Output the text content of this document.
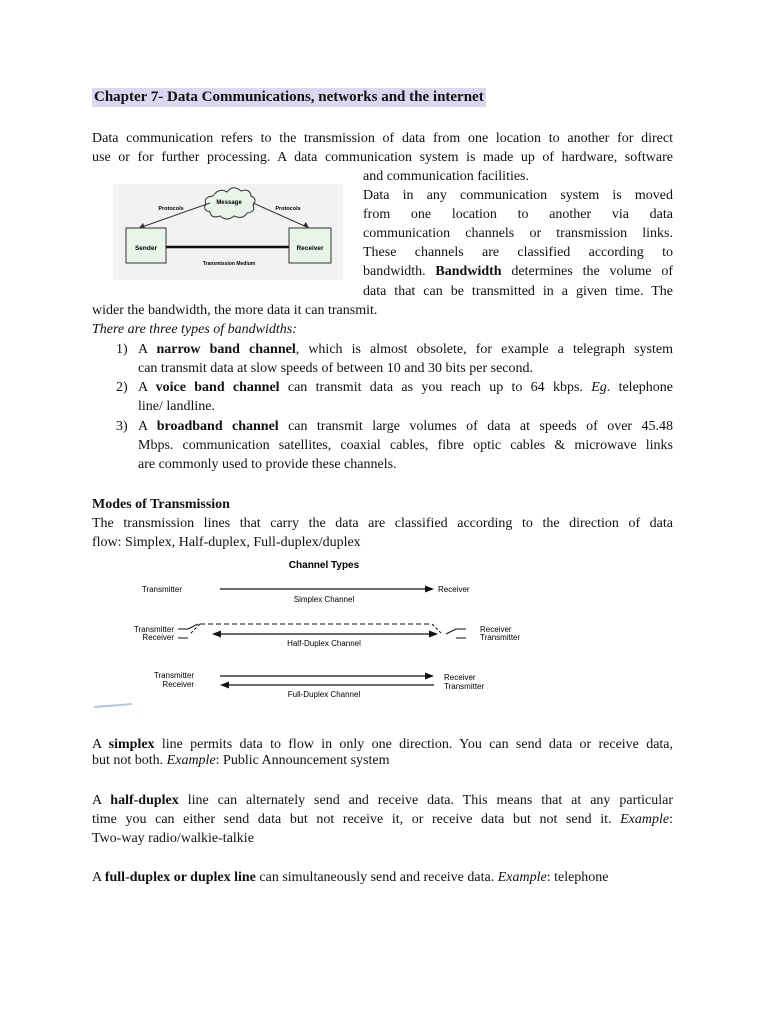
Chapter 7- Data Communications, networks and the internet
Data communication refers to the transmission of data from one location to another for direct
use or for further processing. A data communication system is made up of hardware, software
and communication facilities.
Message
Protocols	Protocols
Sender	Receiver
Transmission Medium
Data in any communication system is moved
from one location to another via data
communication channels or transmission links.
These channels are classified according to
bandwidth. Bandwidth determines the volume of
data that can be transmitted in a given time. The
wider the bandwidth, the more data it can transmit.
There are three types of bandwidths:
1) A narrow band channel, which is almost obsolete, for example a telegraph system
can transmit data at slow speeds of between 10 and 30 bits per second.
2) A voice band channel can transmit data as you reach up to 64 kbps. Eg. telephone
line/ landline.
3) A broadband channel can transmit large volumes of data at speeds of over 45.48
Mbps. communication satellites, coaxial cables, fibre optic cables & microwave links
are commonly used to provide these channels.
Modes of Transmission
The transmission lines that carry the data are classified according to the direction of data
flow: Simplex, Half-duplex, Full-duplex/duplex
Channel Types
Transmitter	Receiver
Simplex Channel
Transmitter
Receiver
Receiver
Transmitter
Half-Duplex Channel
Transmitter
Receiver
Receiver
Transmitter
Full-Duplex Channel
A simplex line permits data to flow in only one direction. You can send data or receive data,
but not both. Example: Public Announcement system
A half-duplex line can alternately send and receive data. This means that at any particular
time you can either send data but not receive it, or receive data but not send it. Example:
Two-way radio/walkie-talkie
A full-duplex or duplex line can simultaneously send and receive data. Example: telephone
